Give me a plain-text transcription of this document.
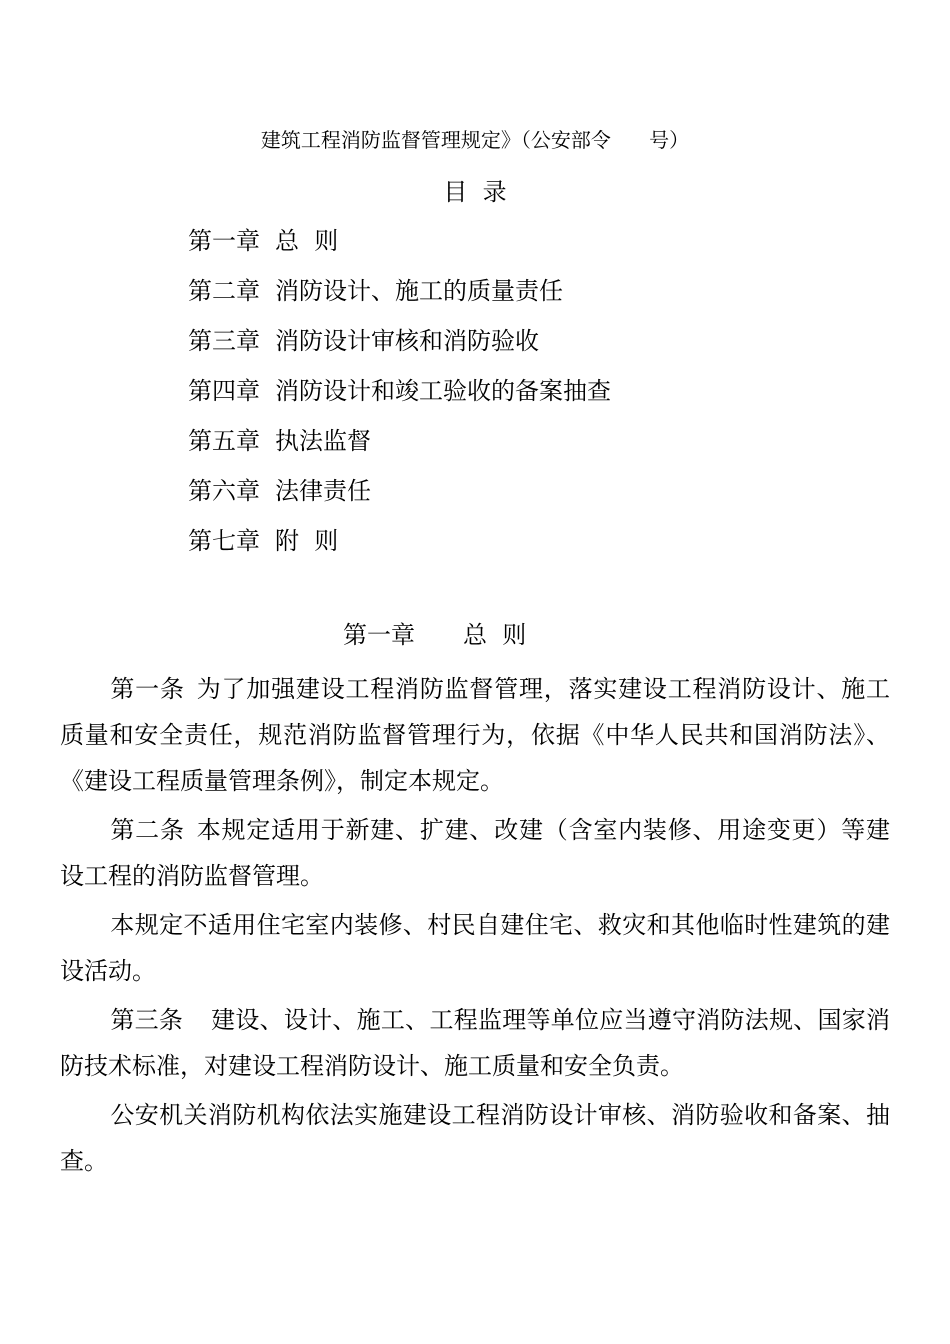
建筑工程消防监督管理规定》（公安部令      号）
目  录
第一章 总  则
第二章 消防设计、施工的质量责任
第三章 消防设计审核和消防验收
第四章 消防设计和竣工验收的备案抽查
第五章 执法监督
第六章 法律责任
第七章 附  则
第一章 总  则

第一条 为了加强建设工程消防监督管理，落实建设工程消防设计、施工质量和安全责任，规范消防监督管理行为，依据《中华人民共和国消防法》、《建设工程质量管理条例》，制定本规定。

第二条 本规定适用于新建、扩建、改建（含室内装修、用途变更）等建设工程的消防监督管理。

本规定不适用住宅室内装修、村民自建住宅、救灾和其他临时性建筑的建设活动。

第三条 建设、设计、施工、工程监理等单位应当遵守消防法规、国家消防技术标准，对建设工程消防设计、施工质量和安全负责。

公安机关消防机构依法实施建设工程消防设计审核、消防验收和备案、抽查。
